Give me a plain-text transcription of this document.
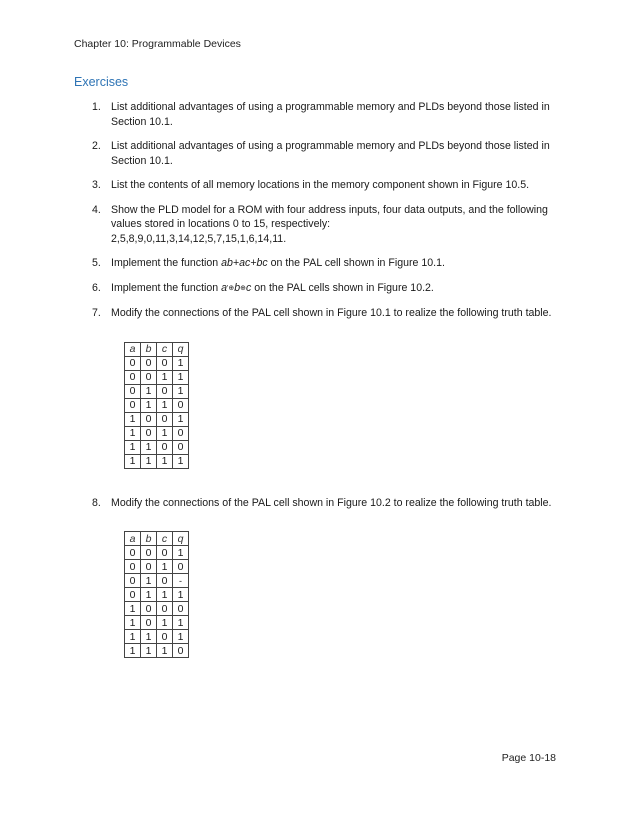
Chapter 10: Programmable Devices
Exercises
1. List additional advantages of using a programmable memory and PLDs beyond those listed in Section 10.1.
2. List additional advantages of using a programmable memory and PLDs beyond those listed in Section 10.1.
3. List the contents of all memory locations in the memory component shown in Figure 10.5.
4. Show the PLD model for a ROM with four address inputs, four data outputs, and the following values stored in locations 0 to 15, respectively:
2,5,8,9,0,11,3,14,12,5,7,15,1,6,14,11.
5. Implement the function ab+ac+bc on the PAL cell shown in Figure 10.1.
6. Implement the function a'⊕b⊕c on the PAL cells shown in Figure 10.2.
7. Modify the connections of the PAL cell shown in Figure 10.1 to realize the following truth table.
a	b	c	q
0	0	0	1
0	0	1	1
0	1	0	1
0	1	1	0
1	0	0	1
1	0	1	0
1	1	0	0
1	1	1	1
8. Modify the connections of the PAL cell shown in Figure 10.2 to realize the following truth table.
a	b	c	q
0	0	0	1
0	0	1	0
0	1	0	-
0	1	1	1
1	0	0	0
1	0	1	1
1	1	0	1
1	1	1	0
Page 10-18
